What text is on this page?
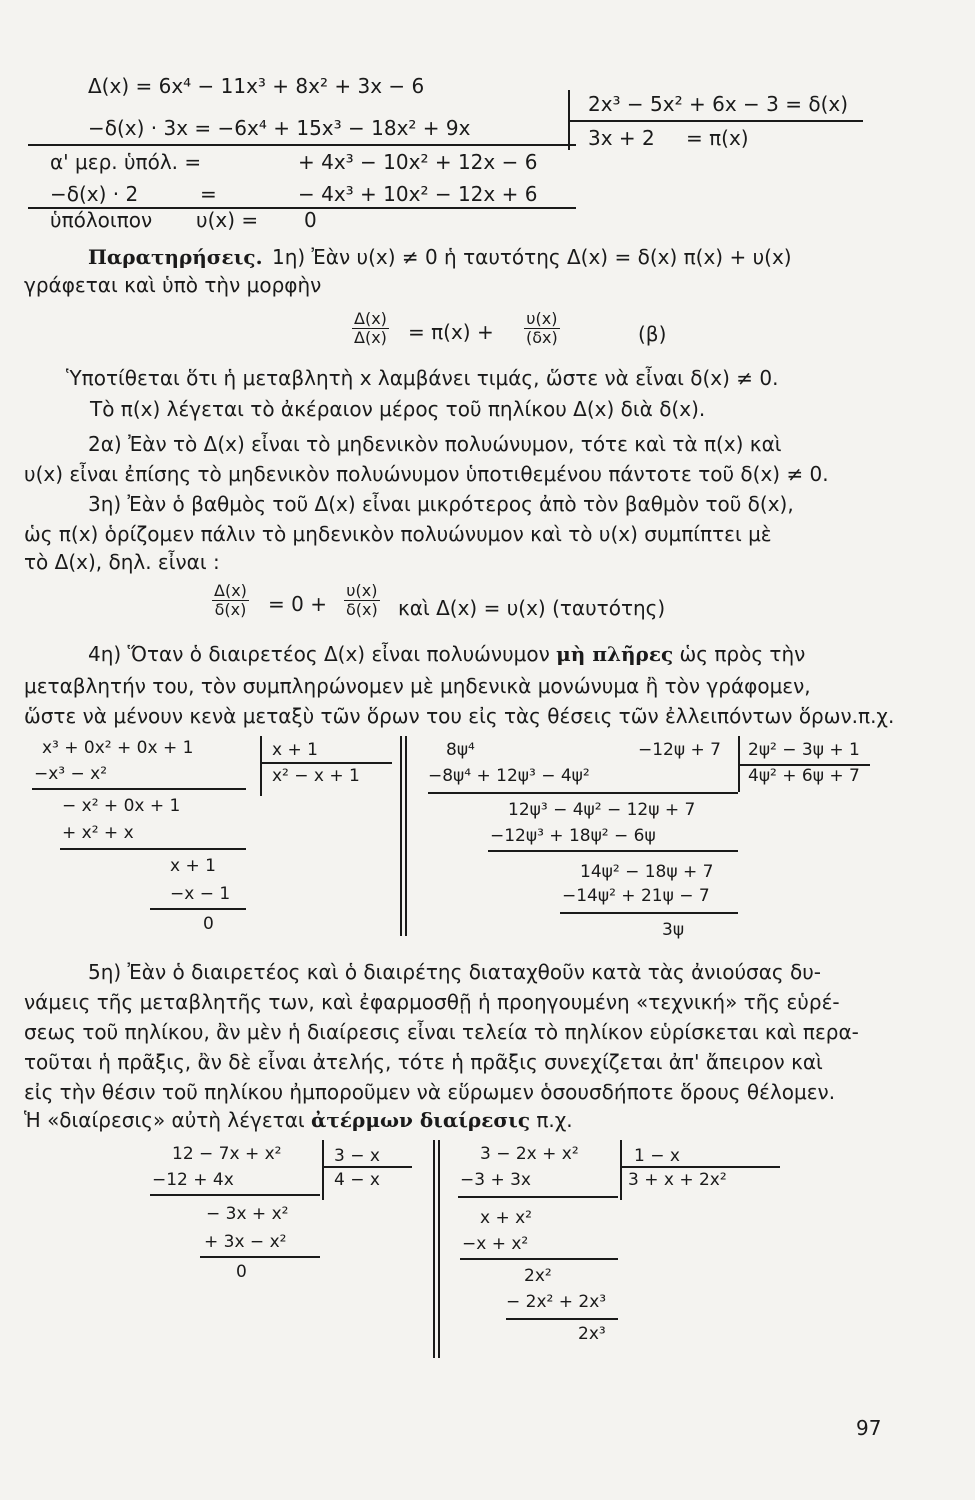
Δ(x) = 6x⁴ − 11x³ + 8x² + 3x − 6
−δ(x) · 3x = −6x⁴ + 15x³ − 18x² + 9x
α' μερ. ὑπόλ. =	+ 4x³ − 10x² + 12x − 6
−δ(x) · 2	=	− 4x³ + 10x² − 12x + 6
ὑπόλοιπον υ(x) = 0
2x³ − 5x² + 6x − 3 = δ(x)
3x + 2 = π(x)
Παρατηρήσεις. 1η) Ἐὰν υ(x) ≠ 0 ἡ ταυτότης Δ(x) = δ(x) π(x) + υ(x)
γράφεται καὶ ὑπὸ τὴν μορφὴν
$\frac{\Delta(x)}{\Delta(x)} = \pi(x) + \frac{\upsilon(x)}{(\delta x)}$	(β)
Ὑποτίθεται ὅτι ἡ μεταβλητὴ x λαμβάνει τιμάς, ὥστε νὰ εἶναι δ(x) ≠ 0.
Τὸ π(x) λέγεται τὸ ἀκέραιον μέρος τοῦ πηλίκου Δ(x) διὰ δ(x).
2α) Ἐὰν τὸ Δ(x) εἶναι τὸ μηδενικὸν πολυώνυμον, τότε καὶ τὰ π(x) καὶ
υ(x) εἶναι ἐπίσης τὸ μηδενικὸν πολυώνυμον ὑποτιθεμένου πάντοτε τοῦ δ(x) ≠ 0.
3η) Ἐὰν ὁ βαθμὸς τοῦ Δ(x) εἶναι μικρότερος ἀπὸ τὸν βαθμὸν τοῦ δ(x),
ὡς π(x) ὁρίζομεν πάλιν τὸ μηδενικὸν πολυώνυμον καὶ τὸ υ(x) συμπίπτει μὲ
τὸ Δ(x), δηλ. εἶναι :
$\frac{\Delta(x)}{\delta(x)} = 0 + \frac{\upsilon(x)}{\delta(x)}$ καὶ Δ(x) = υ(x) (ταυτότης)
4η) Ὅταν ὁ διαιρετέος Δ(x) εἶναι πολυώνυμον μὴ πλῆρες ὡς πρὸς τὴν
μεταβλητήν του, τὸν συμπληρώνομεν μὲ μηδενικὰ μονώνυμα ἢ τὸν γράφομεν,
ὥστε νὰ μένουν κενὰ μεταξὺ τῶν ὅρων του εἰς τὰς θέσεις τῶν ἐλλειπόντων ὅρων.π.χ.
x³ + 0x² + 0x + 1
−x³ − x²
− x² + 0x + 1
+ x² + x
x + 1
−x − 1
0
x + 1
x² − x + 1
8ψ⁴	−12ψ + 7
−8ψ⁴ + 12ψ³ − 4ψ²
12ψ³ − 4ψ² − 12ψ + 7
−12ψ³ + 18ψ² − 6ψ
14ψ² − 18ψ + 7
−14ψ² + 21ψ − 7
3ψ
2ψ² − 3ψ + 1
4ψ² + 6ψ + 7
5η) Ἐὰν ὁ διαιρετέος καὶ ὁ διαιρέτης διαταχθοῦν κατὰ τὰς ἀνιούσας δυ-
νάμεις τῆς μεταβλητῆς των, καὶ ἐφαρμοσθῇ ἡ προηγουμένη «τεχνική» τῆς εὑρέ-
σεως τοῦ πηλίκου, ἂν μὲν ἡ διαίρεσις εἶναι τελεία τὸ πηλίκον εὑρίσκεται καὶ περα-
τοῦται ἡ πρᾶξις, ἂν δὲ εἶναι ἀτελής, τότε ἡ πρᾶξις συνεχίζεται ἀπ' ἄπειρον καὶ
εἰς τὴν θέσιν τοῦ πηλίκου ἠμποροῦμεν νὰ εὕρωμεν ὁσουσδήποτε ὅρους θέλομεν.
Ἡ «διαίρεσις» αὐτὴ λέγεται ἀτέρμων διαίρεσις π.χ.
12 − 7x + x²
−12 + 4x
− 3x + x²
+ 3x − x²
0
3 − x
4 − x
3 − 2x + x²
−3 + 3x
x + x²
−x + x²
2x²
− 2x² + 2x³
2x³
1 − x
3 + x + 2x²
97
